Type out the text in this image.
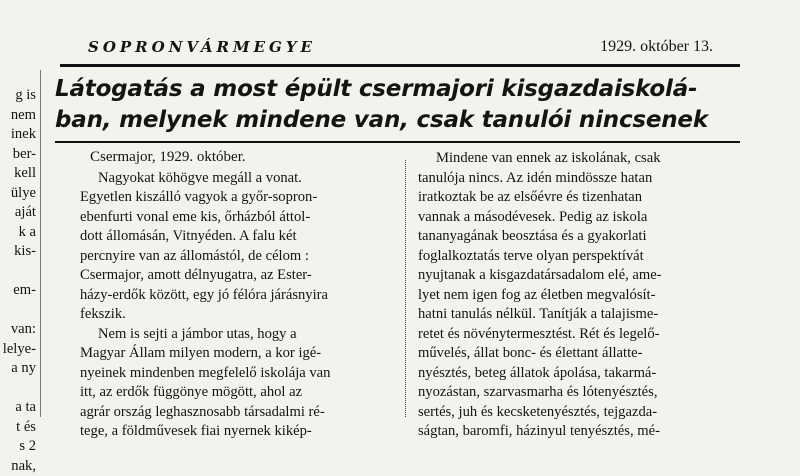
g is
nem
inek
ber-
kell
ülye
aját
k a
kis-
em-
van:
lelye-
a ny
a ta
t és
s 2
nak,
SOPRONVÁRMEGYE	1929. október 13.
Látogatás a most épült csermajori kisgazdaiskolá-
ban, melynek mindene van, csak tanulói nincsenek
Csermajor, 1929. október.
Nagyokat köhögve megáll a vonat.
Egyetlen kiszálló vagyok a győr-sopron-
ebenfurti vonal eme kis, őrházból áttol-
dott állomásán, Vitnyéden. A falu két
percnyire van az állomástól, de célom :
Csermajor, amott délnyugatra, az Ester-
házy-erdők között, egy jó félóra járásnyira
fekszik.
Nem is sejti a jámbor utas, hogy a
Magyar Állam milyen modern, a kor igé-
nyeinek mindenben megfelelő iskolája van
itt, az erdők függönye mögött, ahol az
agrár ország leghasznosabb társadalmi ré-
tege, a földművesek fiai nyernek kikép-
Mindene van ennek az iskolának, csak
tanulója nincs. Az idén mindössze hatan
iratkoztak be az elsőévre és tizenhatan
vannak a másodévesek. Pedig az iskola
tananyagának beosztása és a gyakorlati
foglalkoztatás terve olyan perspektívát
nyujtanak a kisgazdatársadalom elé, ame-
lyet nem igen fog az életben megvalósít-
hatni tanulás nélkül. Tanítják a talajisme-
retet és növénytermesztést. Rét és legelő-
művelés, állat bonc- és élettant állatte-
nyésztés, beteg állatok ápolása, takarmá-
nyozástan, szarvasmarha és lótenyésztés,
sertés, juh és kecsketenyésztés, tejgazda-
ságtan, baromfi, házinyul tenyésztés, mé-
